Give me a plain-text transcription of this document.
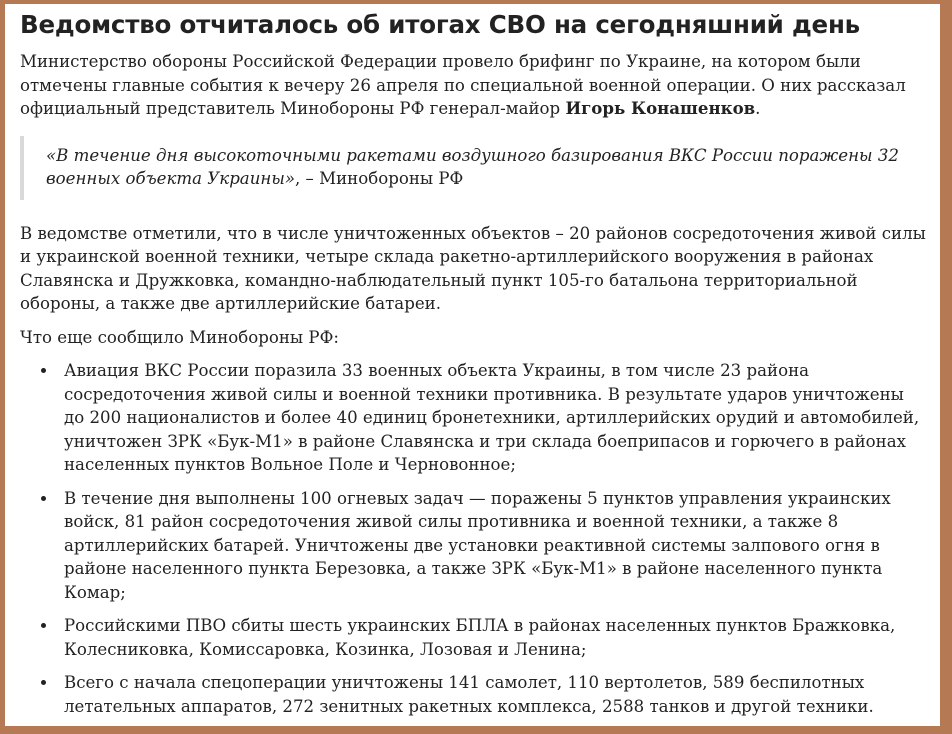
Ведомство отчиталось об итогах СВО на сегодняшний день

Министерство обороны Российской Федерации провело брифинг по Украине, на котором были отмечены главные события к вечеру 26 апреля по специальной военной операции. О них рассказал официальный представитель Минобороны РФ генерал-майор Игорь Конашенков.

«В течение дня высокоточными ракетами воздушного базирования ВКС России поражены 32 военных объекта Украины», – Минобороны РФ

В ведомстве отметили, что в числе уничтоженных объектов – 20 районов сосредоточения живой силы и украинской военной техники, четыре склада ракетно-артиллерийского вооружения в районах Славянска и Дружковка, командно-наблюдательный пункт 105-го батальона территориальной обороны, а также две артиллерийские батареи.

Что еще сообщило Минобороны РФ:

• Авиация ВКС России поразила 33 военных объекта Украины, в том числе 23 района сосредоточения живой силы и военной техники противника. В результате ударов уничтожены до 200 националистов и более 40 единиц бронетехники, артиллерийских орудий и автомобилей, уничтожен ЗРК «Бук-М1» в районе Славянска и три склада боеприпасов и горючего в районах населенных пунктов Вольное Поле и Черновонное;
• В течение дня выполнены 100 огневых задач — поражены 5 пунктов управления украинских войск, 81 район сосредоточения живой силы противника и военной техники, а также 8 артиллерийских батарей. Уничтожены две установки реактивной системы залпового огня в районе населенного пункта Березовка, а также ЗРК «Бук-М1» в районе населенного пункта Комар;
• Российскими ПВО сбиты шесть украинских БПЛА в районах населенных пунктов Бражковка, Колесниковка, Комиссаровка, Козинка, Лозовая и Ленина;
• Всего с начала спецоперации уничтожены 141 самолет, 110 вертолетов, 589 беспилотных летательных аппаратов, 272 зенитных ракетных комплекса, 2588 танков и другой техники.
